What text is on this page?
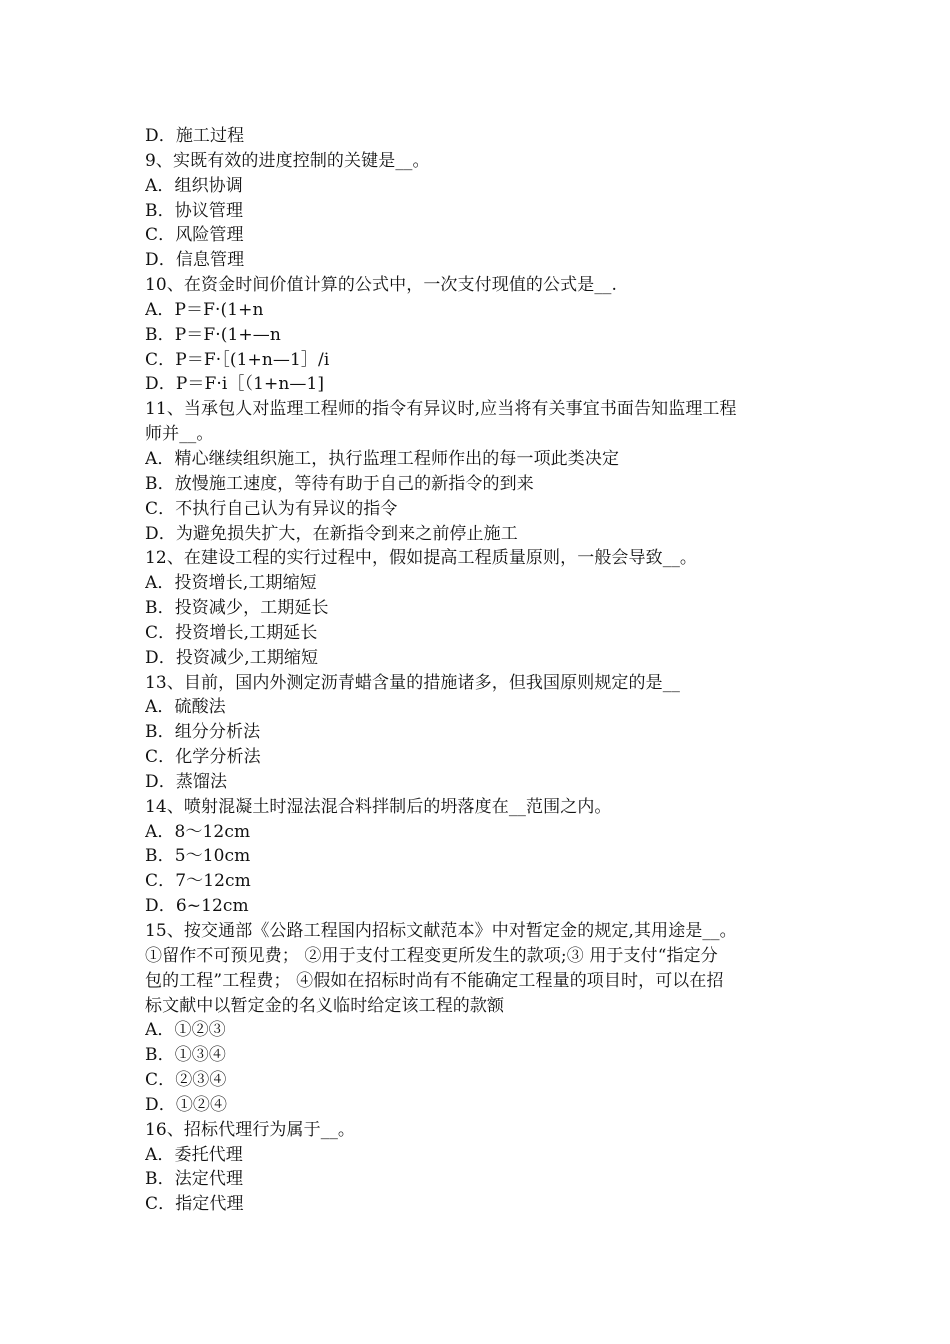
D．施工过程
9、实既有效的进度控制的关键是__。
A．组织协调
B．协议管理
C．风险管理
D．信息管理
10、在资金时间价值计算的公式中，一次支付现值的公式是__.
A．P＝F·(1+n
B．P＝F·(1+—n
C．P＝F·［(1+n—1］/i
D．P＝F·i［（1+n—1]
11、当承包人对监理工程师的指令有异议时,应当将有关事宜书面告知监理工程
师并__。
A．精心继续组织施工，执行监理工程师作出的每一项此类决定
B．放慢施工速度，等待有助于自己的新指令的到来
C．不执行自己认为有异议的指令
D．为避免损失扩大，在新指令到来之前停止施工
12、在建设工程的实行过程中，假如提高工程质量原则，一般会导致__。
A．投资增长,工期缩短
B．投资减少，工期延长
C．投资增长,工期延长
D．投资减少,工期缩短
13、目前，国内外测定沥青蜡含量的措施诸多，但我国原则规定的是__
A．硫酸法
B．组分分析法
C．化学分析法
D．蒸馏法
14、喷射混凝土时湿法混合料拌制后的坍落度在__范围之内。
A．8～12cm
B．5～10cm
C．7～12cm
D．6~12cm
15、按交通部《公路工程国内招标文献范本》中对暂定金的规定,其用途是__。
①留作不可预见费； ②用于支付工程变更所发生的款项;③ 用于支付“指定分
包的工程”工程费； ④假如在招标时尚有不能确定工程量的项目时，可以在招
标文献中以暂定金的名义临时给定该工程的款额
A．①②③
B．①③④
C．②③④
D．①②④
16、招标代理行为属于__。
A．委托代理
B．法定代理
C．指定代理
